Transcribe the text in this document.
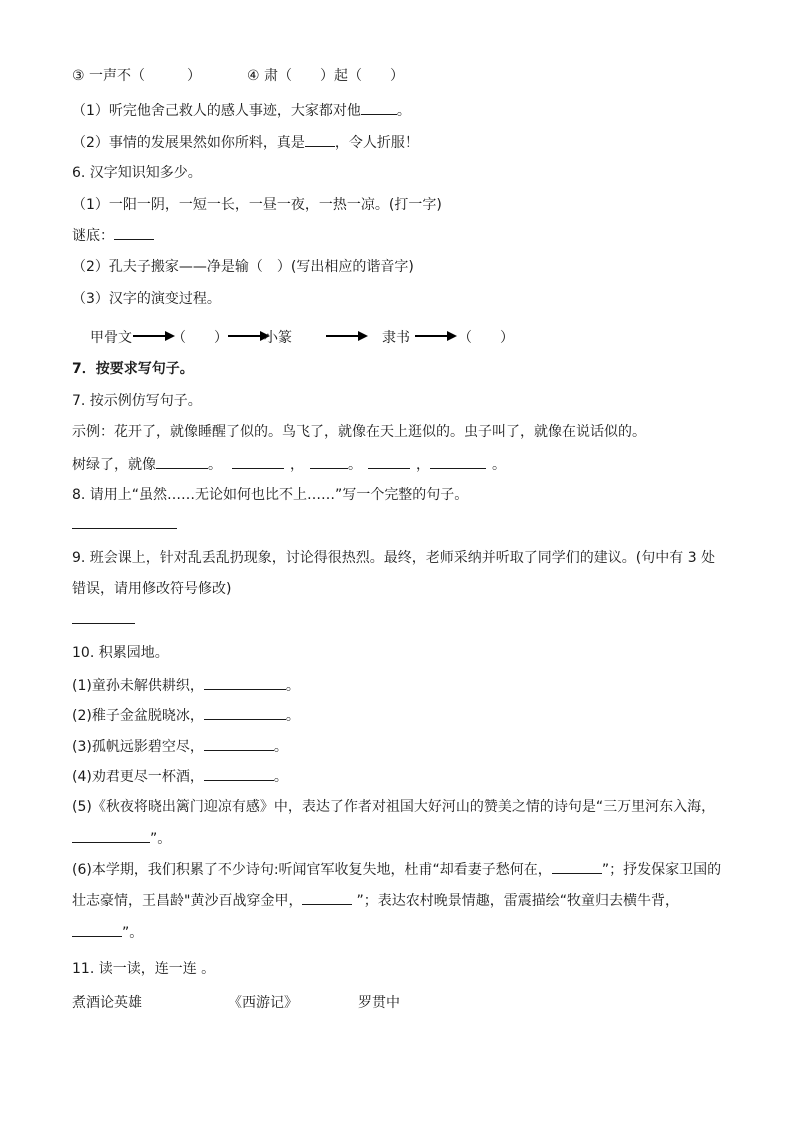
③ 一声不（　　　）	④ 肃（　　）起（　　）
（1）听完他舍己救人的感人事迹，大家都对他	。
（2）事情的发展果然如你所料，真是 ，令人折服！
6. 汉字知识知多少。
（1）一阳一阴，一短一长，一昼一夜，一热一凉。(打一字)
谜底：
（2）孔夫子搬家——净是输（　）(写出相应的谐音字)
（3）汉字的演变过程。
甲骨文	（　　）	小篆	隶书	（　　）
7．按要求写句子。
7. 按示例仿写句子。
示例：花开了，就像睡醒了似的。鸟飞了，就像在天上逛似的。虫子叫了，就像在说话似的。
树绿了，就像	。	，	。	，	。
8. 请用上“虽然……无论如何也比不上……”写一个完整的句子。
9. 班会课上，针对乱丢乱扔现象，讨论得很热烈。最终，老师采纳并听取了同学们的建议。(句中有 3 处
错误，请用修改符号修改)
10. 积累园地。
(1)童孙未解供耕织，	。
(2)稚子金盆脱晓冰，	。
(3)孤帆远影碧空尽，	。
(4)劝君更尽一杯酒，	。
(5)《秋夜将晓出篱门迎凉有感》中，表达了作者对祖国大好河山的赞美之情的诗句是“三万里河东入海，
”。
(6)本学期，我们积累了不少诗句:听闻官军收复失地，杜甫“却看妻子愁何在，	”；抒发保家卫国的
壮志豪情，王昌龄"黄沙百战穿金甲，	”；表达农村晚景情趣，雷震描绘“牧童归去横牛背，
”。
11. 读一读，连一连 。
煮酒论英雄	《西游记》	罗贯中
